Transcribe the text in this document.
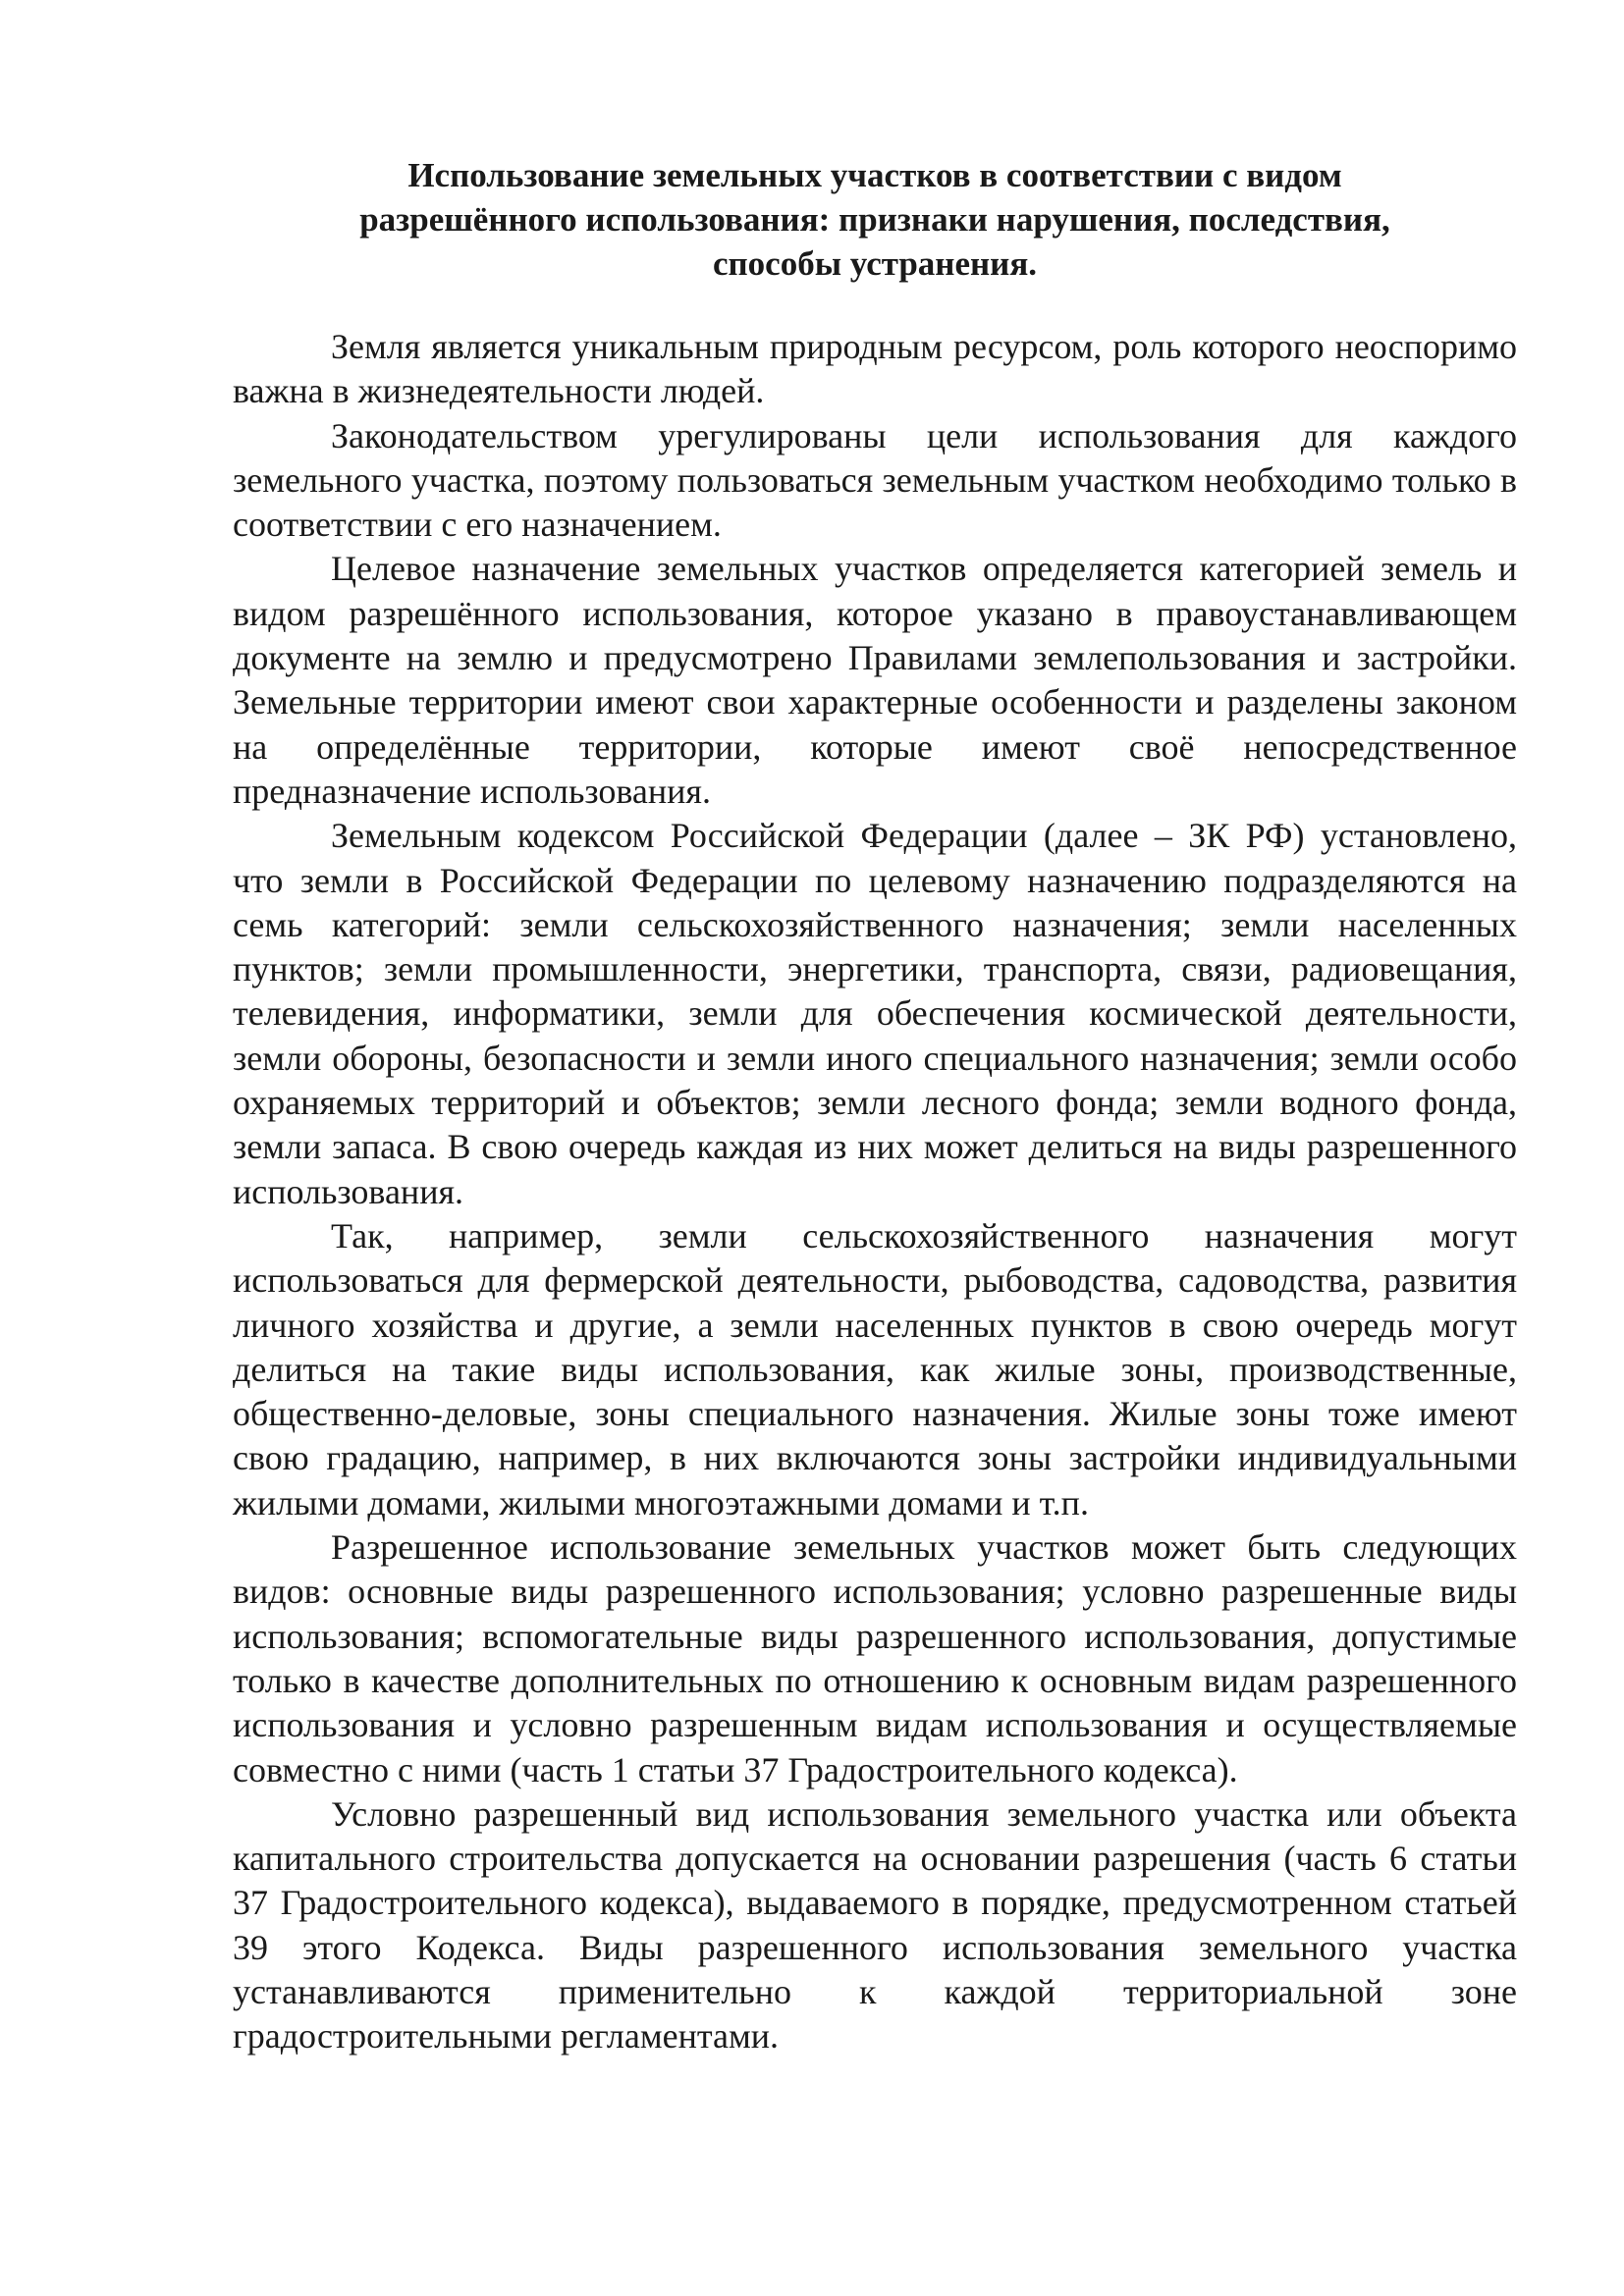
Использование земельных участков в соответствии с видом
разрешённого использования: признаки нарушения, последствия,
способы устранения.

Земля является уникальным природным ресурсом, роль которого неоспоримо важна в жизнедеятельности людей.

Законодательством урегулированы цели использования для каждого земельного участка, поэтому пользоваться земельным участком необходимо только в соответствии с его назначением.

Целевое назначение земельных участков определяется категорией земель и видом разрешённого использования, которое указано в правоустанавливающем документе на землю и предусмотрено Правилами землепользования и застройки. Земельные территории имеют свои характерные особенности и разделены законом на определённые территории, которые имеют своё непосредственное предназначение использования.

Земельным кодексом Российской Федерации (далее – ЗК РФ) установлено, что земли в Российской Федерации по целевому назначению подразделяются на семь категорий: земли сельскохозяйственного назначения; земли населенных пунктов; земли промышленности, энергетики, транспорта, связи, радиовещания, телевидения, информатики, земли для обеспечения космической деятельности, земли обороны, безопасности и земли иного специального назначения; земли особо охраняемых территорий и объектов; земли лесного фонда; земли водного фонда, земли запаса. В свою очередь каждая из них может делиться на виды разрешенного использования.

Так, например, земли сельскохозяйственного назначения могут использоваться для фермерской деятельности, рыбоводства, садоводства, развития личного хозяйства и другие, а земли населенных пунктов в свою очередь могут делиться на такие виды использования, как жилые зоны, производственные, общественно-деловые, зоны специального назначения. Жилые зоны тоже имеют свою градацию, например, в них включаются зоны застройки индивидуальными жилыми домами, жилыми многоэтажными домами и т.п.

Разрешенное использование земельных участков может быть следующих видов: основные виды разрешенного использования; условно разрешенные виды использования; вспомогательные виды разрешенного использования, допустимые только в качестве дополнительных по отношению к основным видам разрешенного использования и условно разрешенным видам использования и осуществляемые совместно с ними (часть 1 статьи 37 Градостроительного кодекса).

Условно разрешенный вид использования земельного участка или объекта капитального строительства допускается на основании разрешения (часть 6 статьи 37 Градостроительного кодекса), выдаваемого в порядке, предусмотренном статьей 39 этого Кодекса. Виды разрешенного использования земельного участка устанавливаются применительно к каждой территориальной зоне градостроительными регламентами.
